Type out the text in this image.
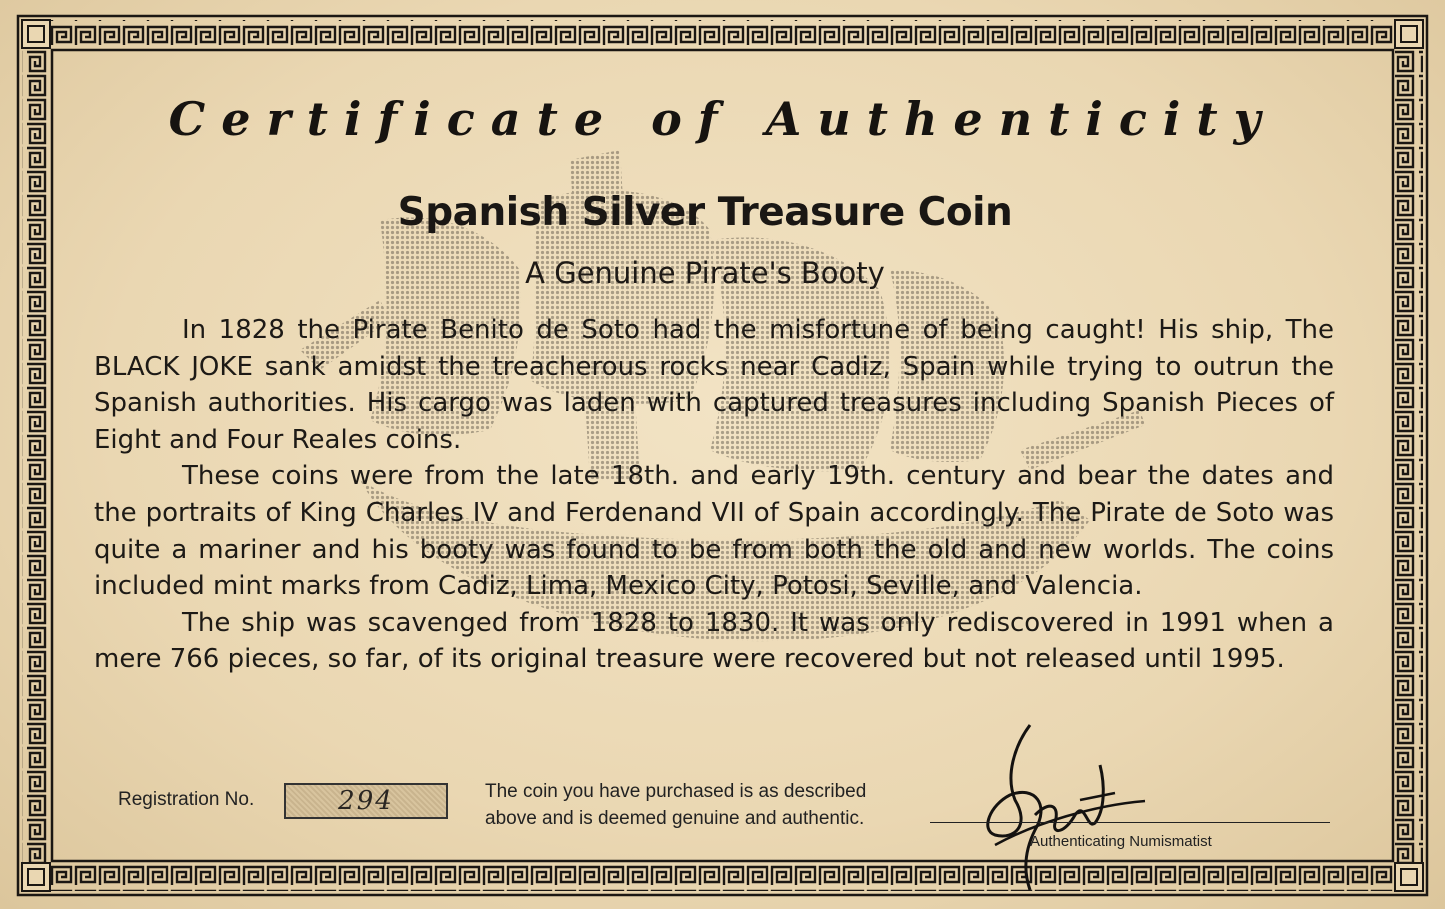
Certificate of Authenticity
Spanish Silver Treasure Coin
A Genuine Pirate's Booty

In 1828 the Pirate Benito de Soto had the misfortune of being caught! His ship, The BLACK JOKE sank amidst the treacherous rocks near Cadiz, Spain while trying to outrun the Spanish authorities. His cargo was laden with captured treasures including Spanish Pieces of Eight and Four Reales coins.

These coins were from the late 18th. and early 19th. century and bear the dates and the portraits of King Charles IV and Ferdenand VII of Spain accordingly. The Pirate de Soto was quite a mariner and his booty was found to be from both the old and new worlds. The coins included mint marks from Cadiz, Lima, Mexico City, Potosi, Seville, and Valencia.

The ship was scavenged from 1828 to 1830. It was only rediscovered in 1991 when a mere 766 pieces, so far, of its original treasure were recovered but not released until 1995.

Registration No.	294	The coin you have purchased is as described
above and is deemed genuine and authentic.
Authenticating Numismatist
